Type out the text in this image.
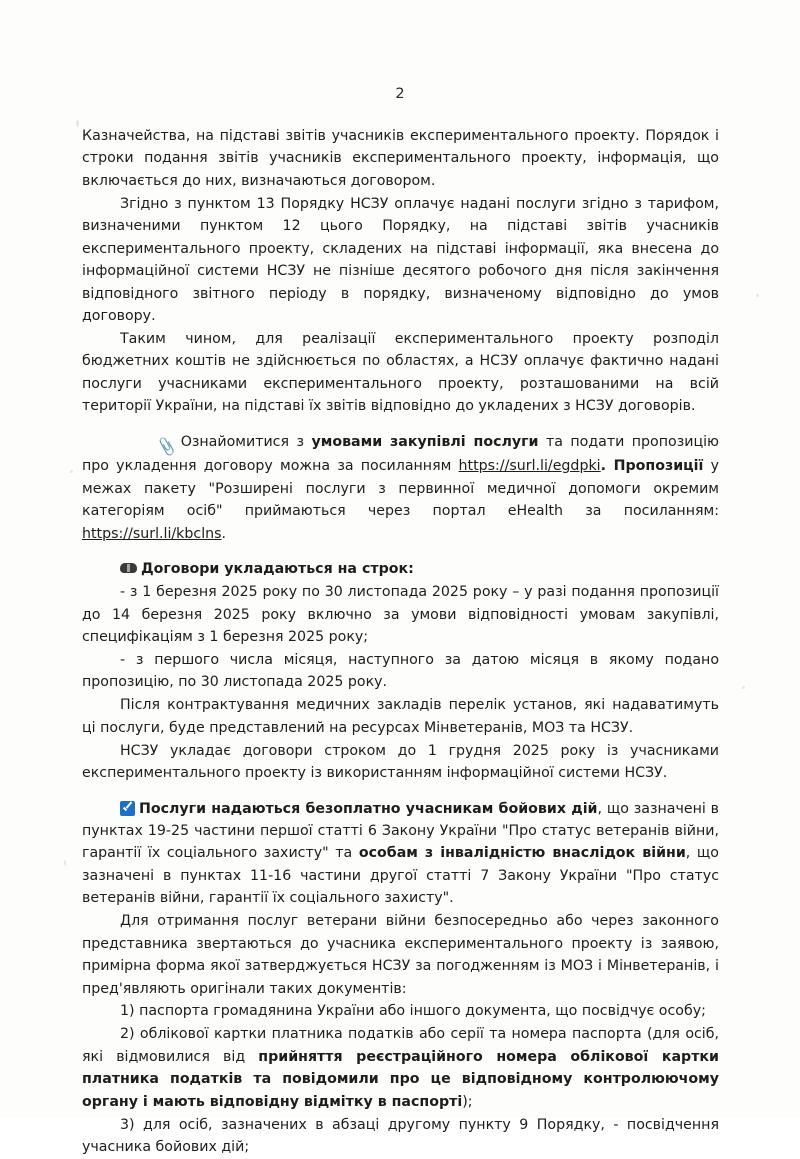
2

Казначейства, на підставі звітів учасників експериментального проекту. Порядок і строки подання звітів учасників експериментального проекту, інформація, що включається до них, визначаються договором.

Згідно з пунктом 13 Порядку НСЗУ оплачує надані послуги згідно з тарифом, визначеними пунктом 12 цього Порядку, на підставі звітів учасників експериментального проекту, складених на підставі інформації, яка внесена до інформаційної системи НСЗУ не пізніше десятого робочого дня після закінчення відповідного звітного періоду в порядку, визначеному відповідно до умов договору.

Таким чином, для реалізації експериментального проекту розподіл бюджетних коштів не здійснюється по областях, а НСЗУ оплачує фактично надані послуги учасниками експериментального проекту, розташованими на всій території України, на підставі їх звітів відповідно до укладених з НСЗУ договорів.

📎 Ознайомитися з умовами закупівлі послуги та подати пропозицію про укладення договору можна за посиланням https://surl.li/egdpki. Пропозиції у межах пакету "Розширені послуги з первинної медичної допомоги окремим категоріям осіб" приймаються через портал eHealth за посиланням: https://surl.li/kbclns.

Договори укладаються на строк:

- з 1 березня 2025 року по 30 листопада 2025 року – у разі подання пропозиції до 14 березня 2025 року включно за умови відповідності умовам закупівлі, специфікаціям з 1 березня 2025 року;

- з першого числа місяця, наступного за датою місяця в якому подано пропозицію, по 30 листопада 2025 року.

Після контрактування медичних закладів перелік установ, які надаватимуть ці послуги, буде представлений на ресурсах Мінветеранів, МОЗ та НСЗУ.

НСЗУ укладає договори строком до 1 грудня 2025 року із учасниками експериментального проекту із використанням інформаційної системи НСЗУ.

Послуги надаються безоплатно учасникам бойових дій, що зазначені в пунктах 19-25 частини першої статті 6 Закону України "Про статус ветеранів війни, гарантії їх соціального захисту" та особам з інвалідністю внаслідок війни, що зазначені в пунктах 11-16 частини другої статті 7 Закону України "Про статус ветеранів війни, гарантії їх соціального захисту".

Для отримання послуг ветерани війни безпосередньо або через законного представника звертаються до учасника експериментального проекту із заявою, примірна форма якої затверджується НСЗУ за погодженням із МОЗ і Мінветеранів, і пред'являють оригінали таких документів:

1) паспорта громадянина України або іншого документа, що посвідчує особу;

2) облікової картки платника податків або серії та номера паспорта (для осіб, які відмовилися від прийняття реєстраційного номера облікової картки платника податків та повідомили про це відповідному контролюючому органу і мають відповідну відмітку в паспорті);

3) для осіб, зазначених в абзаці другому пункту 9 Порядку, - посвідчення учасника бойових дій;
